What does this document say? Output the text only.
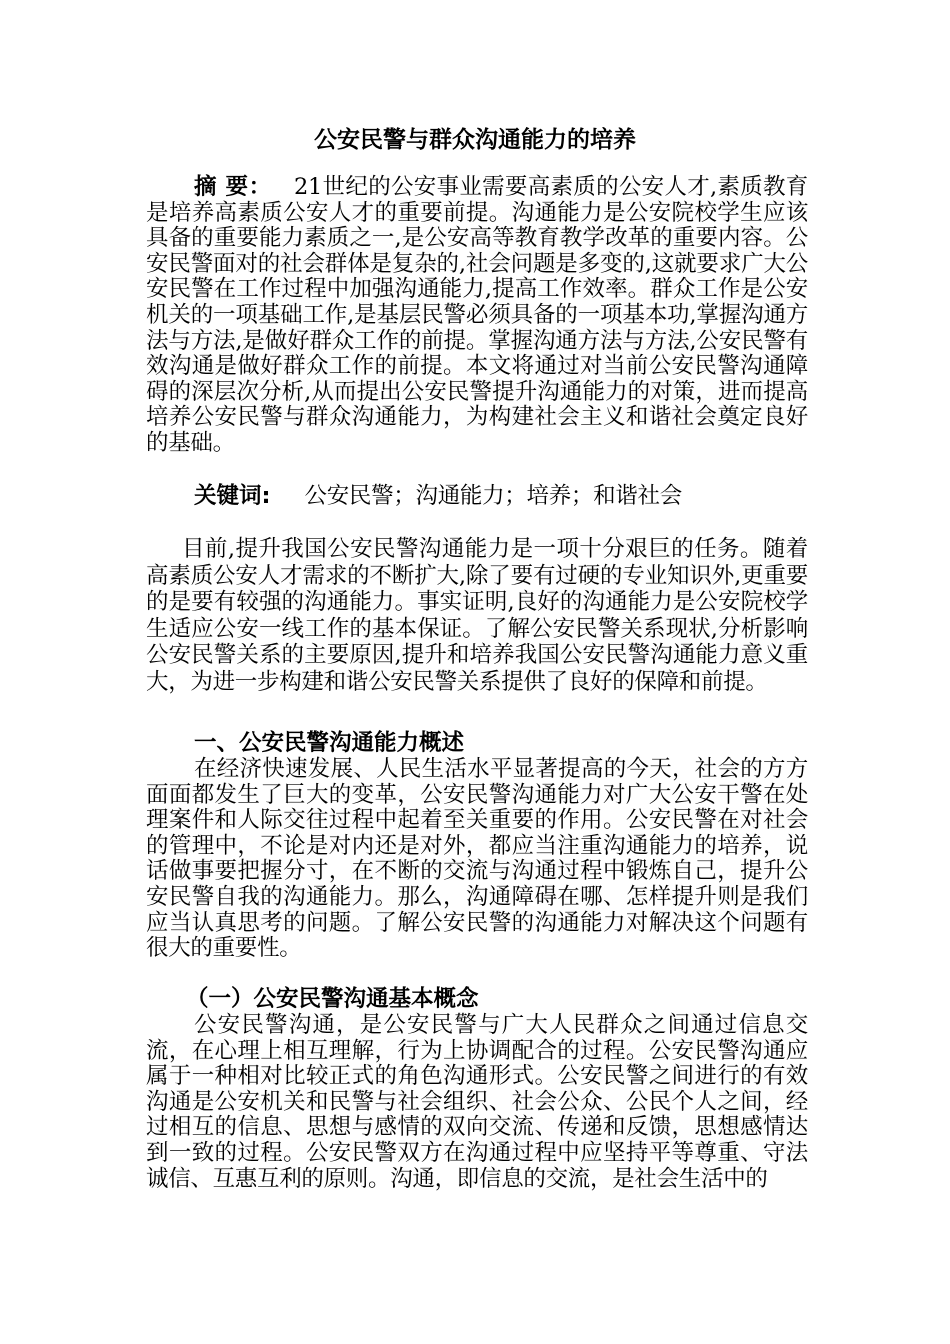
公安民警与群众沟通能力的培养

摘 要： 21世纪的公安事业需要高素质的公安人才,素质教育是培养高素质公安人才的重要前提。沟通能力是公安院校学生应该具备的重要能力素质之一,是公安高等教育教学改革的重要内容。公安民警面对的社会群体是复杂的,社会问题是多变的,这就要求广大公安民警在工作过程中加强沟通能力,提高工作效率。群众工作是公安机关的一项基础工作,是基层民警必须具备的一项基本功,掌握沟通方法与方法,是做好群众工作的前提。掌握沟通方法与方法,公安民警有效沟通是做好群众工作的前提。本文将通过对当前公安民警沟通障碍的深层次分析,从而提出公安民警提升沟通能力的对策，进而提高培养公安民警与群众沟通能力，为构建社会主义和谐社会奠定良好的基础。

关键词: 公安民警；沟通能力；培养；和谐社会

目前,提升我国公安民警沟通能力是一项十分艰巨的任务。随着高素质公安人才需求的不断扩大,除了要有过硬的专业知识外,更重要的是要有较强的沟通能力。事实证明,良好的沟通能力是公安院校学生适应公安一线工作的基本保证。了解公安民警关系现状,分析影响公安民警关系的主要原因,提升和培养我国公安民警沟通能力意义重大，为进一步构建和谐公安民警关系提供了良好的保障和前提。

一、公安民警沟通能力概述

在经济快速发展、人民生活水平显著提高的今天，社会的方方面面都发生了巨大的变革，公安民警沟通能力对广大公安干警在处理案件和人际交往过程中起着至关重要的作用。公安民警在对社会的管理中，不论是对内还是对外，都应当注重沟通能力的培养，说话做事要把握分寸，在不断的交流与沟通过程中锻炼自己，提升公安民警自我的沟通能力。那么，沟通障碍在哪、怎样提升则是我们应当认真思考的问题。了解公安民警的沟通能力对解决这个问题有很大的重要性。

（一）公安民警沟通基本概念

公安民警沟通，是公安民警与广大人民群众之间通过信息交流，在心理上相互理解，行为上协调配合的过程。公安民警沟通应属于一种相对比较正式的角色沟通形式。公安民警之间进行的有效沟通是公安机关和民警与社会组织、社会公众、公民个人之间，经过相互的信息、思想与感情的双向交流、传递和反馈，思想感情达到一致的过程。公安民警双方在沟通过程中应坚持平等尊重、守法诚信、互惠互利的原则。沟通，即信息的交流，是社会生活中的
